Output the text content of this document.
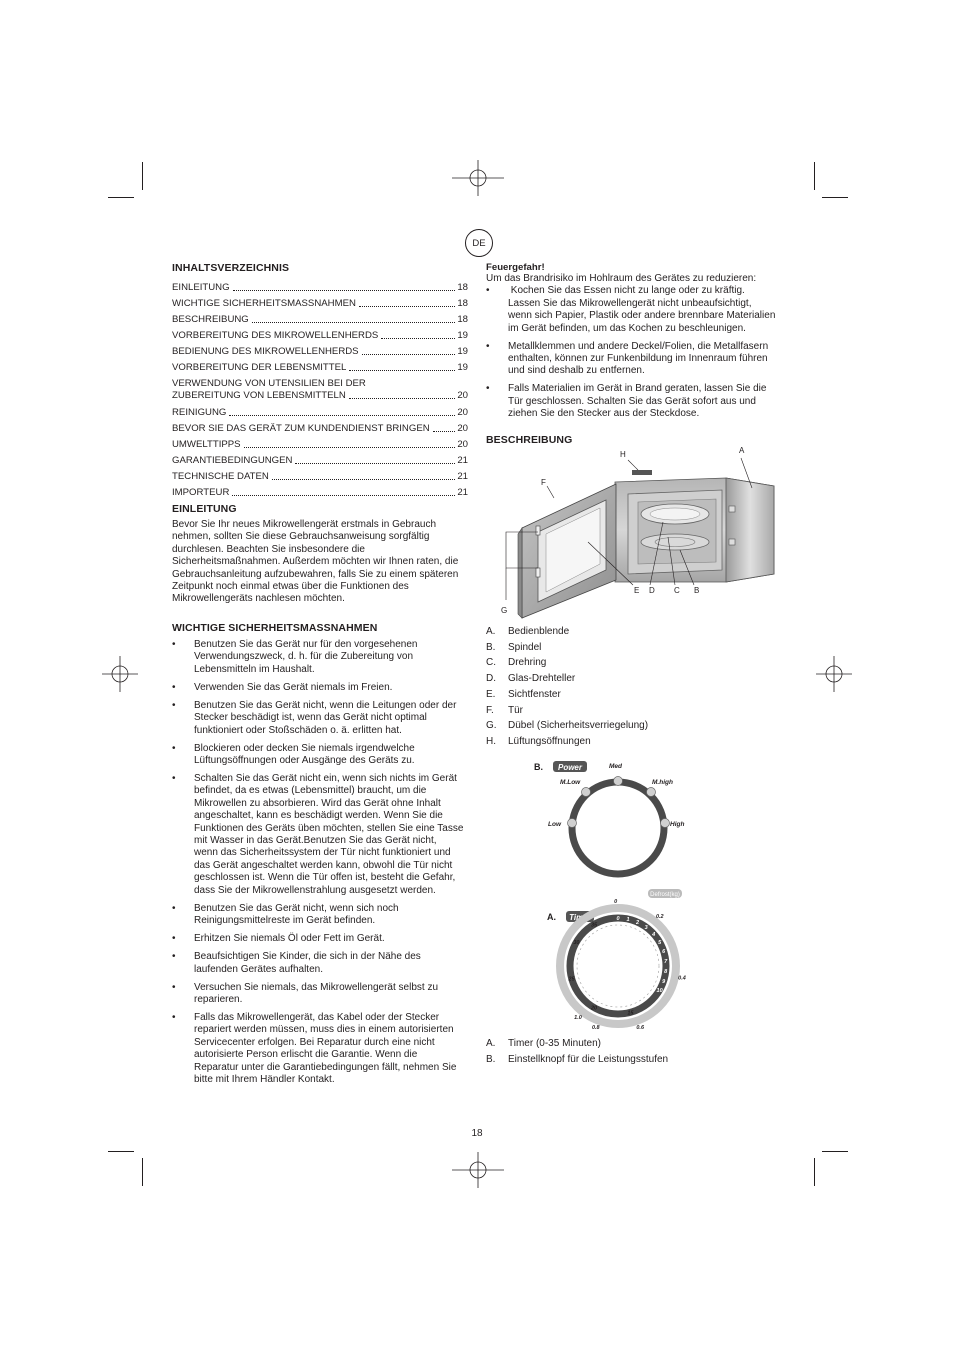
DE
INHALTSVERZEICHNIS
EINLEITUNG	18
WICHTIGE SICHERHEITSMASSNAHMEN	18
BESCHREIBUNG	18
VORBEREITUNG DES MIKROWELLENHERDS	19
BEDIENUNG DES MIKROWELLENHERDS	19
VORBEREITUNG DER LEBENSMITTEL	19
VERWENDUNG VON UTENSILIEN BEI DER
ZUBEREITUNG VON LEBENSMITTELN	20
REINIGUNG	20
BEVOR SIE DAS GERÄT ZUM KUNDENDIENST BRINGEN	20
UMWELTTIPPS	20
GARANTIEBEDINGUNGEN	21
TECHNISCHE DATEN	21
IMPORTEUR	21
EINLEITUNG
Bevor Sie Ihr neues Mikrowellengerät erstmals in Gebrauch
nehmen, sollten Sie diese Gebrauchsanweisung sorgfältig
durchlesen. Beachten Sie insbesondere die
Sicherheitsmaßnahmen. Außerdem möchten wir Ihnen raten, die
Gebrauchsanleitung aufzubewahren, falls Sie zu einem späteren
Zeitpunkt noch einmal etwas über die Funktionen des
Mikrowellengeräts nachlesen möchten.
WICHTIGE SICHERHEITSMASSNAHMEN
• Benutzen Sie das Gerät nur für den vorgesehenen
Verwendungszweck, d. h. für die Zubereitung von
Lebensmitteln im Haushalt.
• Verwenden Sie das Gerät niemals im Freien.
• Benutzen Sie das Gerät nicht, wenn die Leitungen oder der
Stecker beschädigt ist, wenn das Gerät nicht optimal
funktioniert oder Stoßschäden o. ä. erlitten hat.
• Blockieren oder decken Sie niemals irgendwelche
Lüftungsöffnungen oder Ausgänge des Geräts zu.
• Schalten Sie das Gerät nicht ein, wenn sich nichts im Gerät
befindet, da es etwas (Lebensmittel) braucht, um die
Mikrowellen zu absorbieren. Wird das Gerät ohne Inhalt
angeschaltet, kann es beschädigt werden. Wenn Sie die
Funktionen des Geräts üben möchten, stellen Sie eine Tasse
mit Wasser in das Gerät.Benutzen Sie das Gerät nicht,
wenn das Sicherheitssystem der Tür nicht funktioniert und
das Gerät angeschaltet werden kann, obwohl die Tür nicht
geschlossen ist. Wenn die Tür offen ist, besteht die Gefahr,
dass Sie der Mikrowellenstrahlung ausgesetzt werden.
• Benutzen Sie das Gerät nicht, wenn sich noch
Reinigungsmittelreste im Gerät befinden.
• Erhitzen Sie niemals Öl oder Fett im Gerät.
• Beaufsichtigen Sie Kinder, die sich in der Nähe des
laufenden Gerätes aufhalten.
• Versuchen Sie niemals, das Mikrowellengerät selbst zu
reparieren.
• Falls das Mikrowellengerät, das Kabel oder der Stecker
repariert werden müssen, muss dies in einem autorisierten
Servicecenter erfolgen. Bei Reparatur durch eine nicht
autorisierte Person erlischt die Garantie. Wenn die
Reparatur unter die Garantiebedingungen fällt, nehmen Sie
bitte mit Ihrem Händler Kontakt.
Feuergefahr!
Um das Brandrisiko im Hohlraum des Gerätes zu reduzieren:
•  Kochen Sie das Essen nicht zu lange oder zu kräftig.
Lassen Sie das Mikrowellengerät nicht unbeaufsichtigt,
wenn sich Papier, Plastik oder andere brennbare Materialien
im Gerät befinden, um das Kochen zu beschleunigen.
• Metallklemmen und andere Deckel/Folien, die Metallfasern
enthalten, können zur Funkenbildung im Innenraum führen
und sind deshalb zu entfernen.
• Falls Materialien im Gerät in Brand geraten, lassen Sie die
Tür geschlossen. Schalten Sie das Gerät sofort aus und
ziehen Sie den Stecker aus der Steckdose.
BESCHREIBUNG
A
H
F
G
E D C B
A. Bedienblende
B. Spindel
C. Drehring
D. Glas-Drehteller
E. Sichtfenster
F. Tür
G. Dübel (Sicherheitsverriegelung)
H. Lüftungsöffnungen
B. Power
Low
M.Low
Med
M.high
High
A. Timer
Defrost(kg)
0 1
2
3
4
5
6
7
8
9
10
15
20
25
30
35
0
0.2
0.4
0.6
0.8
1.0
A. Timer (0-35 Minuten)
B. Einstellknopf für die Leistungsstufen
18
